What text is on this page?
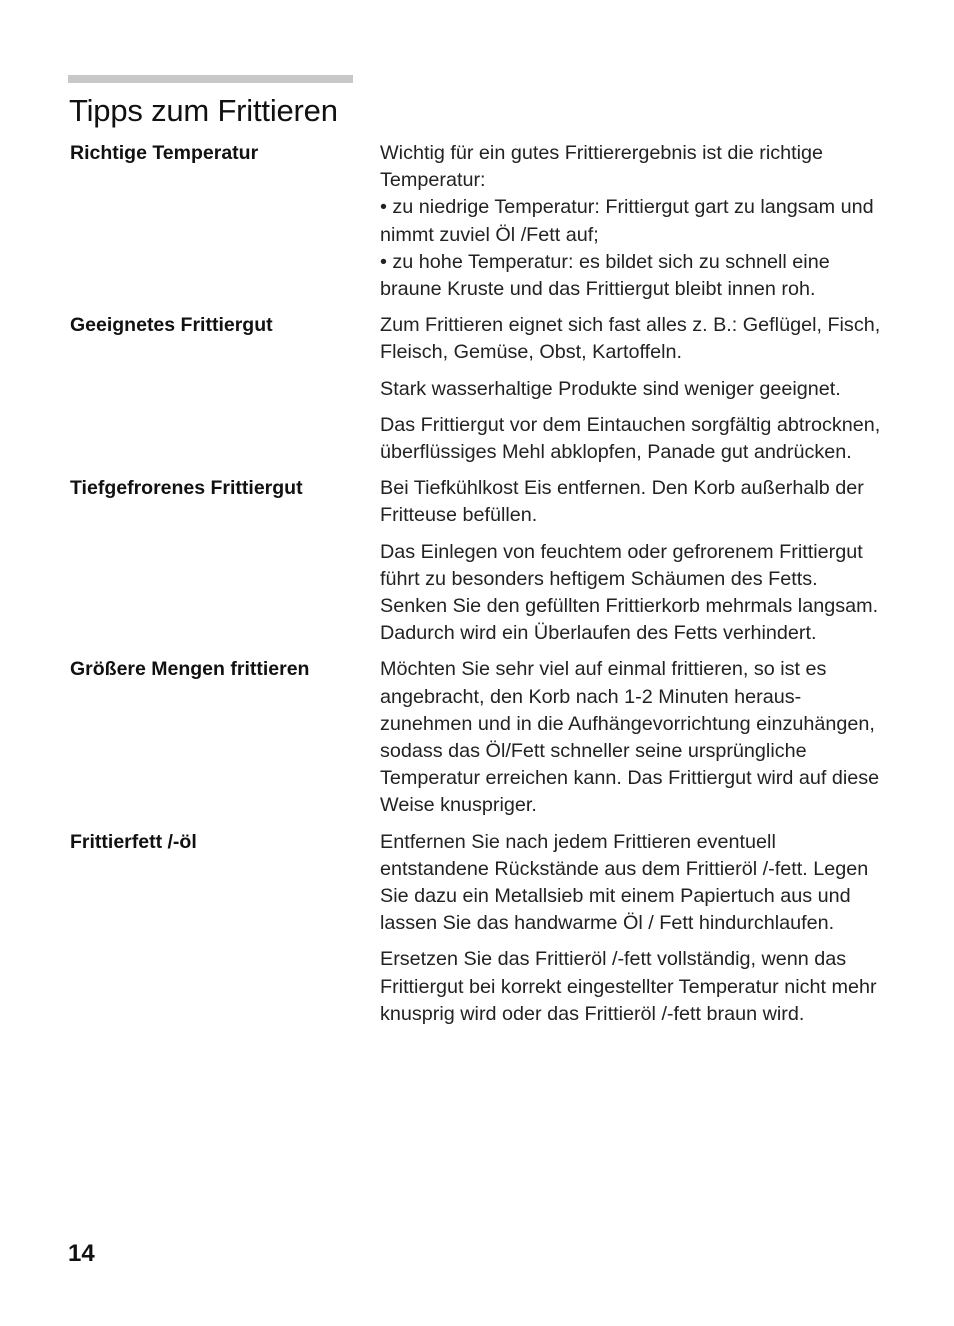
Tipps zum Frittieren
Richtige Temperatur	Wichtig für ein gutes Frittierergebnis ist die richtige Temperatur:
• zu niedrige Temperatur: Frittiergut gart zu langsam und nimmt zuviel Öl /Fett auf;
• zu hohe Temperatur: es bildet sich zu schnell eine braune Kruste und das Frittiergut bleibt innen roh.

Geeignetes Frittiergut	Zum Frittieren eignet sich fast alles z. B.: Geflügel, Fisch, Fleisch, Gemüse, Obst, Kartoffeln.

Stark wasserhaltige Produkte sind weniger geeignet.

Das Frittiergut vor dem Eintauchen sorgfältig abtrocknen, überflüssiges Mehl abklopfen, Panade gut andrücken.

Tiefgefrorenes Frittiergut	Bei Tiefkühlkost Eis entfernen. Den Korb außerhalb der Fritteuse befüllen.

Das Einlegen von feuchtem oder gefrorenem Frittiergut führt zu besonders heftigem Schäumen des Fetts. Senken Sie den gefüllten Frittierkorb mehrmals langsam. Dadurch wird ein Überlaufen des Fetts verhindert.

Größere Mengen frittieren	Möchten Sie sehr viel auf einmal frittieren, so ist es angebracht, den Korb nach 1-2 Minuten heraus-zunehmen und in die Aufhängevorrichtung einzuhängen, sodass das Öl/Fett schneller seine ursprüngliche Temperatur erreichen kann. Das Frittiergut wird auf diese Weise knuspriger.

Frittierfett /-öl	Entfernen Sie nach jedem Frittieren eventuell entstandene Rückstände aus dem Frittieröl /-fett. Legen Sie dazu ein Metallsieb mit einem Papiertuch aus und lassen Sie das handwarme Öl / Fett hindurchlaufen.

Ersetzen Sie das Frittieröl /-fett vollständig, wenn das Frittiergut bei korrekt eingestellter Temperatur nicht mehr knusprig wird oder das Frittieröl /-fett braun wird.

14
